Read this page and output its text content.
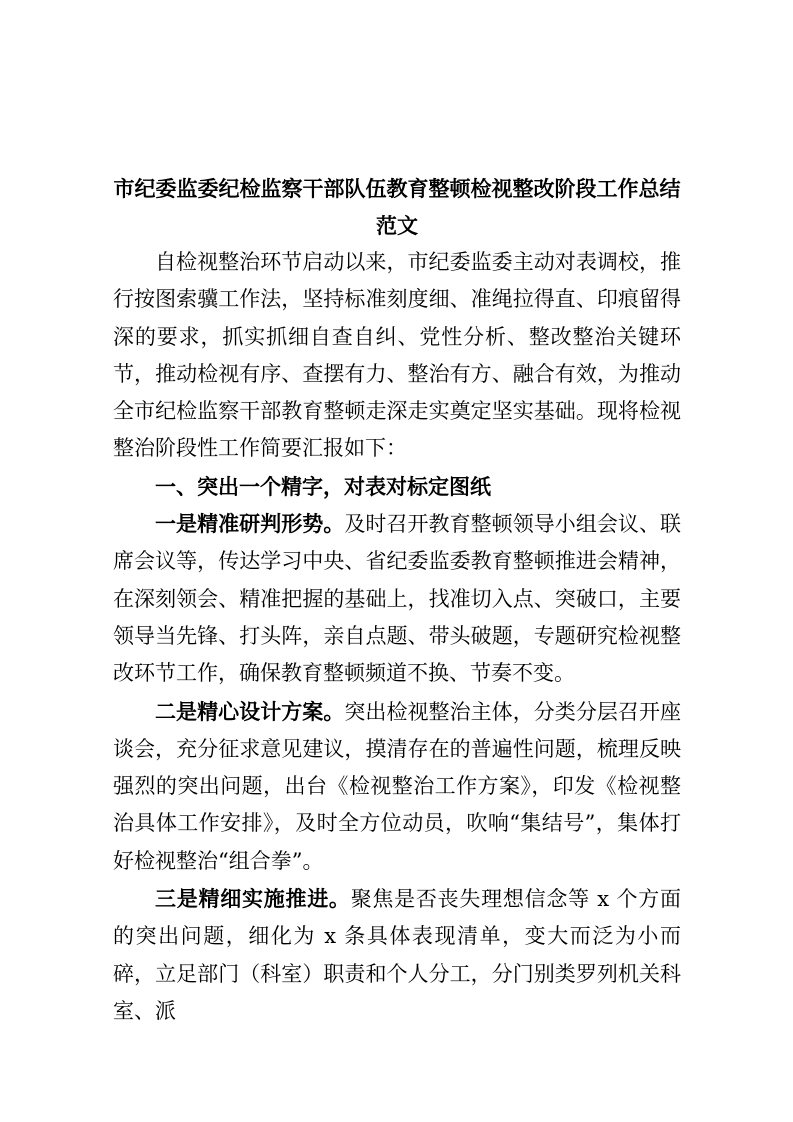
市纪委监委纪检监察干部队伍教育整顿检视整改阶段工作总结范文

自检视整治环节启动以来，市纪委监委主动对表调校，推行按图索骥工作法，坚持标准刻度细、准绳拉得直、印痕留得深的要求，抓实抓细自查自纠、党性分析、整改整治关键环节，推动检视有序、查摆有力、整治有方、融合有效，为推动全市纪检监察干部教育整顿走深走实奠定坚实基础。现将检视整治阶段性工作简要汇报如下：

一、突出一个精字，对表对标定图纸

一是精准研判形势。及时召开教育整顿领导小组会议、联席会议等，传达学习中央、省纪委监委教育整顿推进会精神，在深刻领会、精准把握的基础上，找准切入点、突破口，主要领导当先锋、打头阵，亲自点题、带头破题，专题研究检视整改环节工作，确保教育整顿频道不换、节奏不变。

二是精心设计方案。突出检视整治主体，分类分层召开座谈会，充分征求意见建议，摸清存在的普遍性问题，梳理反映强烈的突出问题，出台《检视整治工作方案》，印发《检视整治具体工作安排》，及时全方位动员，吹响“集结号”，集体打好检视整治“组合拳”。

三是精细实施推进。聚焦是否丧失理想信念等 x 个方面的突出问题，细化为 x 条具体表现清单，变大而泛为小而碎，立足部门（科室）职责和个人分工，分门别类罗列机关科室、派
